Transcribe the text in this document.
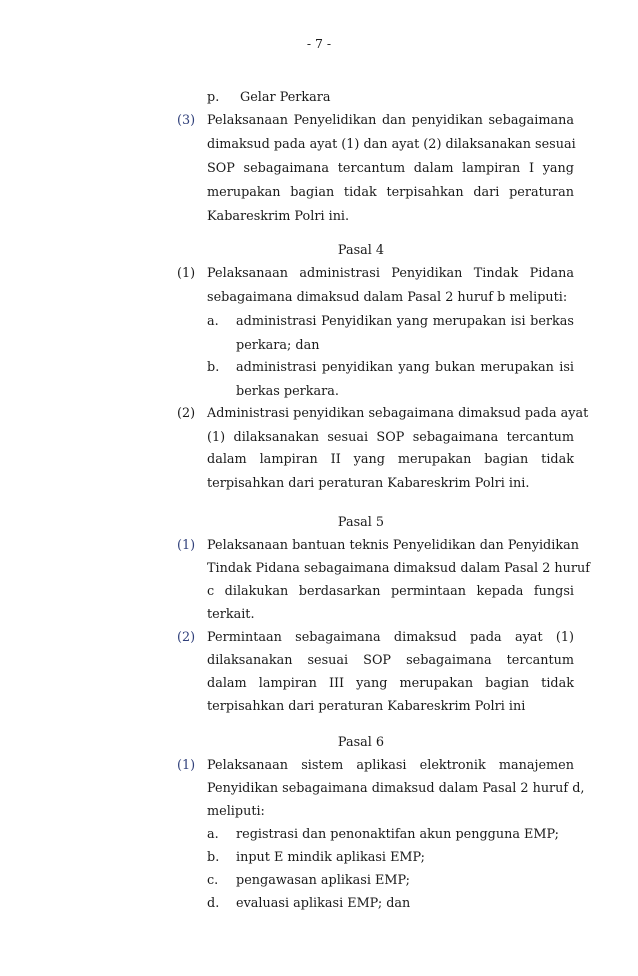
- 7 -
p. Gelar Perkara
(3) Pelaksanaan Penyelidikan dan penyidikan sebagaimana
dimaksud pada ayat (1) dan ayat (2) dilaksanakan sesuai
SOP sebagaimana tercantum dalam lampiran I yang
merupakan bagian tidak terpisahkan dari peraturan
Kabareskrim Polri ini.
Pasal 4
(1) Pelaksanaan administrasi Penyidikan Tindak Pidana
sebagaimana dimaksud dalam Pasal 2 huruf b meliputi:
a. administrasi Penyidikan yang merupakan isi berkas
perkara; dan
b. administrasi penyidikan yang bukan merupakan isi
berkas perkara.
(2) Administrasi penyidikan sebagaimana dimaksud pada ayat
(1) dilaksanakan sesuai SOP sebagaimana tercantum
dalam lampiran II yang merupakan bagian tidak
terpisahkan dari peraturan Kabareskrim Polri ini.
Pasal 5
(1) Pelaksanaan bantuan teknis Penyelidikan dan Penyidikan
Tindak Pidana sebagaimana dimaksud dalam Pasal 2 huruf
c dilakukan berdasarkan permintaan kepada fungsi
terkait.
(2) Permintaan sebagaimana dimaksud pada ayat (1)
dilaksanakan sesuai SOP sebagaimana tercantum
dalam lampiran III yang merupakan bagian tidak
terpisahkan dari peraturan Kabareskrim Polri ini
Pasal 6
(1) Pelaksanaan sistem aplikasi elektronik manajemen
Penyidikan sebagaimana dimaksud dalam Pasal 2 huruf d,
meliputi:
a. registrasi dan penonaktifan akun pengguna EMP;
b. input E mindik aplikasi EMP;
c. pengawasan aplikasi EMP;
d. evaluasi aplikasi EMP; dan
